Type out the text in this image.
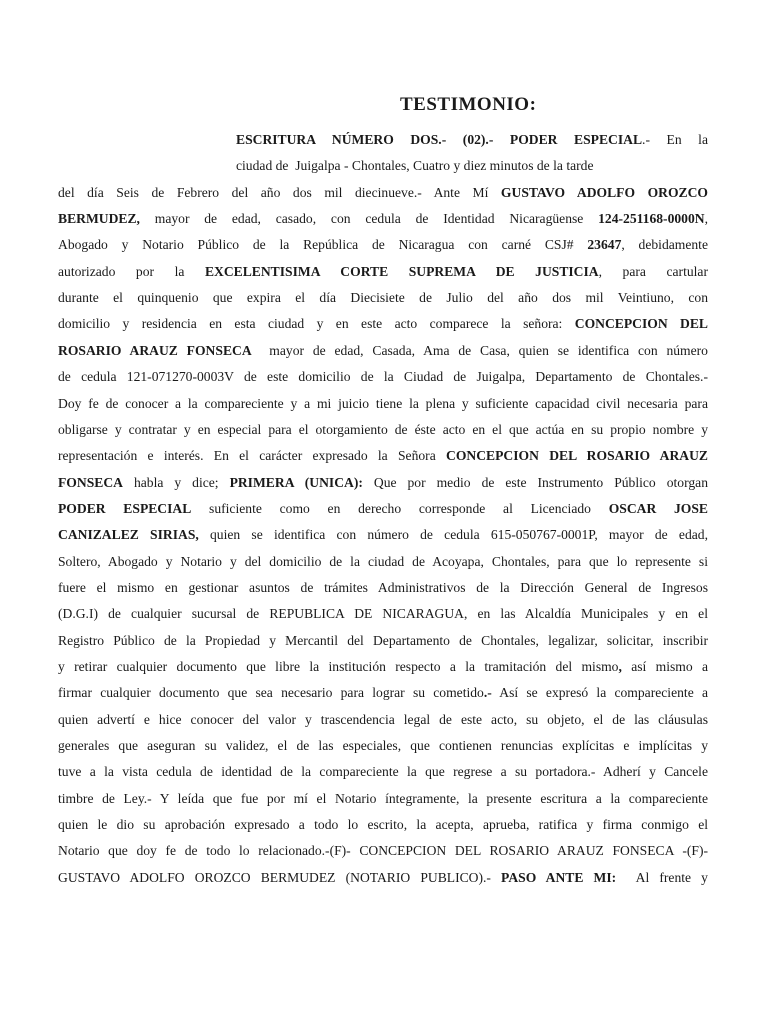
TESTIMONIO:
ESCRITURA NÚMERO DOS.- (02).- PODER ESPECIAL.- En la
ciudad de  Juigalpa - Chontales, Cuatro y diez minutos de la tarde
del día Seis de Febrero del año dos mil diecinueve.- Ante Mí GUSTAVO ADOLFO OROZCO
BERMUDEZ, mayor de edad, casado, con cedula de Identidad Nicaragüense 124-251168-0000N,
Abogado y Notario Público de la República de Nicaragua con carné CSJ# 23647, debidamente
autorizado por la EXCELENTISIMA CORTE SUPREMA DE JUSTICIA, para cartular
durante el quinquenio que expira el día Diecisiete de Julio del año dos mil Veintiuno, con
domicilio y residencia en esta ciudad y en este acto comparece la señora: CONCEPCION DEL
ROSARIO ARAUZ FONSECA  mayor de edad, Casada, Ama de Casa, quien se identifica con número
de cedula 121-071270-0003V de este domicilio de la Ciudad de Juigalpa, Departamento de Chontales.-
Doy fe de conocer a la compareciente y a mi juicio tiene la plena y suficiente capacidad civil necesaria para
obligarse y contratar y en especial para el otorgamiento de éste acto en el que actúa en su propio nombre y
representación e interés. En el carácter expresado la Señora CONCEPCION DEL ROSARIO ARAUZ
FONSECA habla y dice; PRIMERA (UNICA): Que por medio de este Instrumento Público otorgan
PODER ESPECIAL suficiente como en derecho corresponde al Licenciado OSCAR JOSE
CANIZALEZ SIRIAS, quien se identifica con número de cedula 615-050767-0001P, mayor de edad,
Soltero, Abogado y Notario y del domicilio de la ciudad de Acoyapa, Chontales, para que lo represente si
fuere el mismo en gestionar asuntos de trámites Administrativos de la Dirección General de Ingresos
(D.G.I) de cualquier sucursal de REPUBLICA DE NICARAGUA, en las Alcaldía Municipales y en el
Registro Público de la Propiedad y Mercantil del Departamento de Chontales, legalizar, solicitar, inscribir
y retirar cualquier documento que libre la institución respecto a la tramitación del mismo, así mismo a
firmar cualquier documento que sea necesario para lograr su cometido.- Así se expresó la compareciente a
quien advertí e hice conocer del valor y trascendencia legal de este acto, su objeto, el de las cláusulas
generales que aseguran su validez, el de las especiales, que contienen renuncias explícitas e implícitas y
tuve a la vista cedula de identidad de la compareciente la que regrese a su portadora.- Adherí y Cancele
timbre de Ley.- Y leída que fue por mí el Notario íntegramente, la presente escritura a la compareciente
quien le dio su aprobación expresado a todo lo escrito, la acepta, aprueba, ratifica y firma conmigo el
Notario que doy fe de todo lo relacionado.-(F)- CONCEPCION DEL ROSARIO ARAUZ FONSECA -(F)-
GUSTAVO ADOLFO OROZCO BERMUDEZ (NOTARIO PUBLICO).- PASO ANTE MI:  Al frente y
